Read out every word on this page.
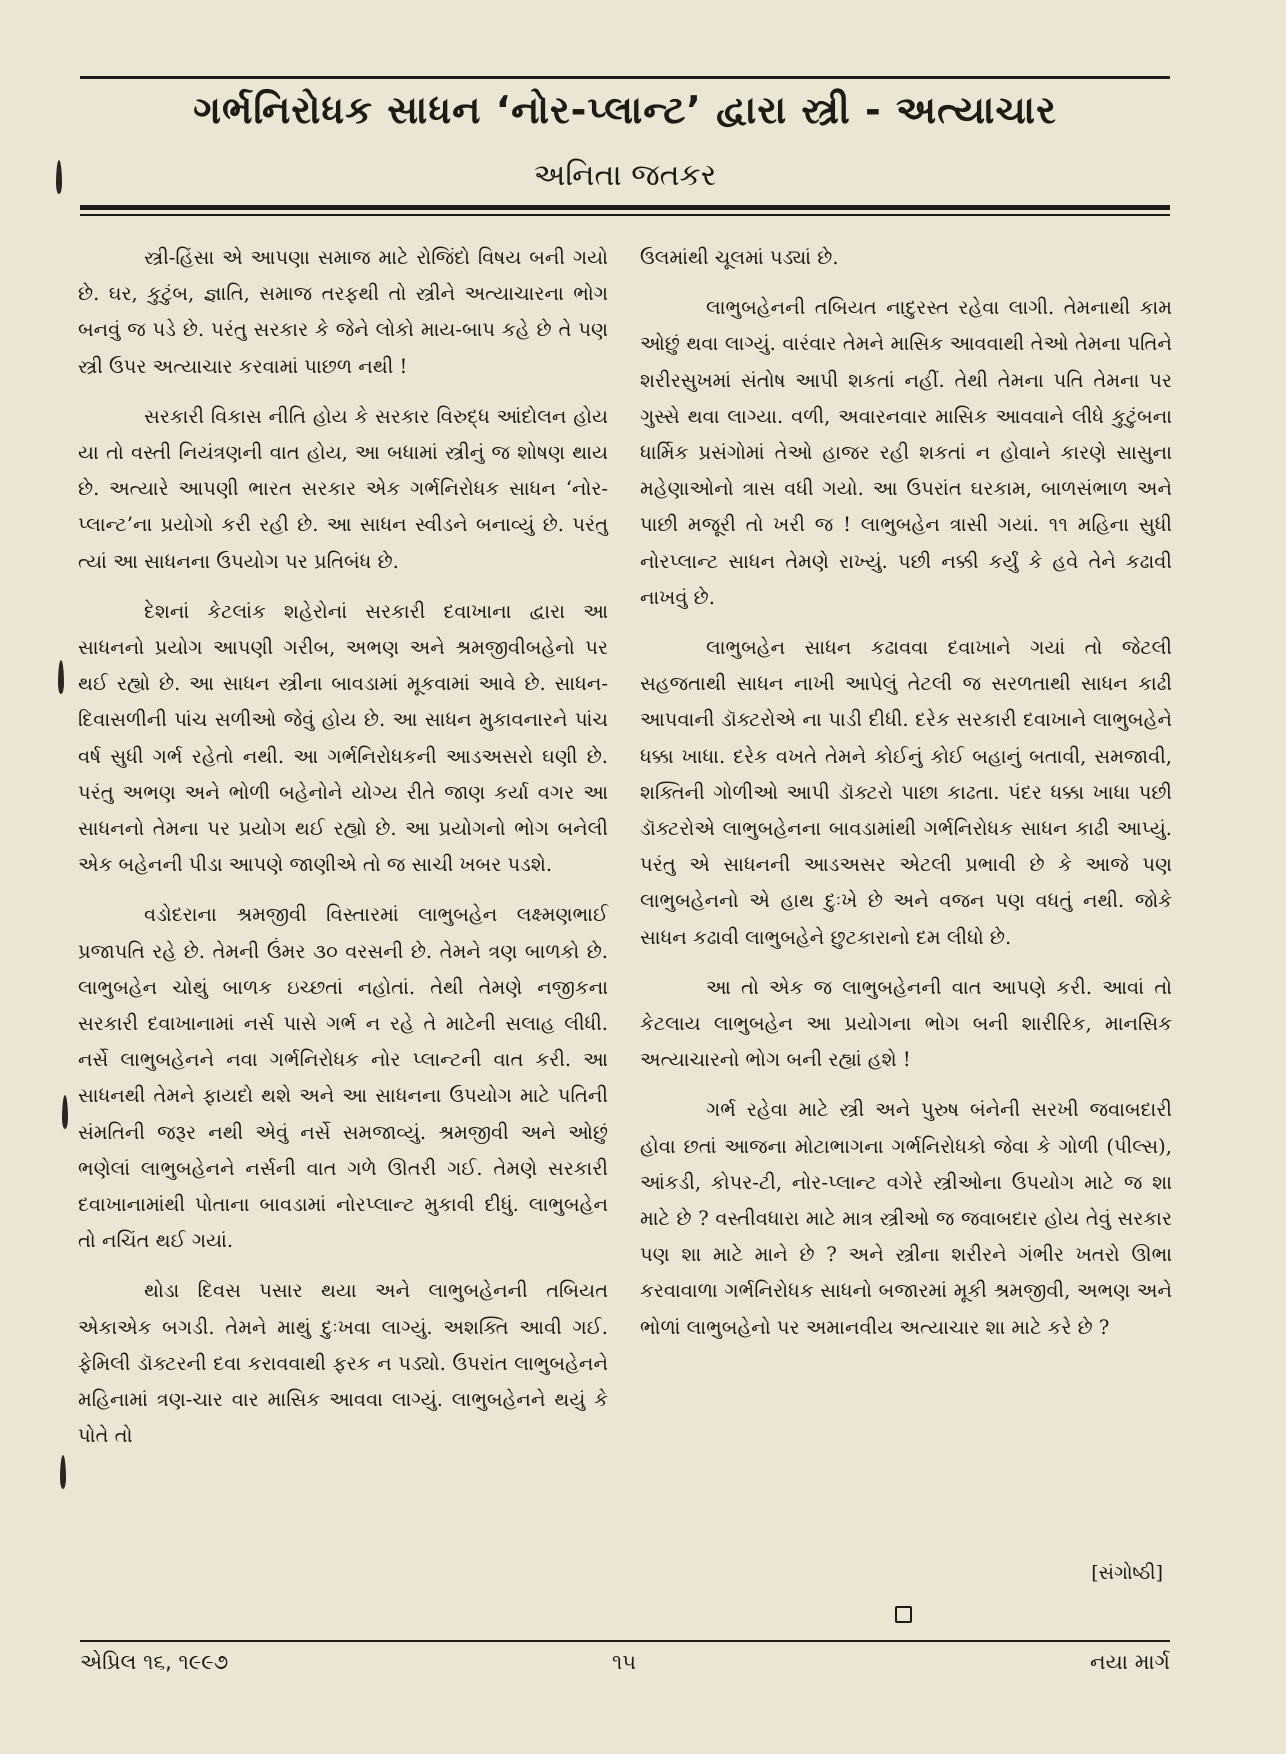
ગર્ભનિરોધક સાધન ‘નોર-પ્લાન્ટ’ દ્વારા સ્ત્રી - અત્યાચાર
અનિતા જતકર

સ્ત્રી-હિંસા એ આપણા સમાજ માટે રોજિંદો વિષય બની ગયો છે. ઘર, કુટુંબ, જ્ઞાતિ, સમાજ તરફથી તો સ્ત્રીને અત્યાચારના ભોગ બનવું જ પડે છે. પરંતુ સરકાર કે જેને લોકો માય-બાપ કહે છે તે પણ સ્ત્રી ઉપર અત્યાચાર કરવામાં પાછળ નથી !

સરકારી વિકાસ નીતિ હોય કે સરકાર વિરુદ્ધ આંદોલન હોય યા તો વસ્તી નિયંત્રણની વાત હોય, આ બધામાં સ્ત્રીનું જ શોષણ થાય છે. અત્યારે આપણી ભારત સરકાર એક ગર્ભનિરોધક સાધન ‘નોર-પ્લાન્ટ’ના પ્રયોગો કરી રહી છે. આ સાધન સ્વીડને બનાવ્યું છે. પરંતુ ત્યાં આ સાધનના ઉપયોગ પર પ્રતિબંધ છે.

દેશનાં કેટલાંક શહેરોનાં સરકારી દવાખાના દ્વારા આ સાધનનો પ્રયોગ આપણી ગરીબ, અભણ અને શ્રમજીવીબહેનો પર થઈ રહ્યો છે. આ સાધન સ્ત્રીના બાવડામાં મૂકવામાં આવે છે. સાધન-દિવાસળીની પાંચ સળીઓ જેવું હોય છે. આ સાધન મુકાવનારને પાંચ વર્ષ સુધી ગર્ભ રહેતો નથી. આ ગર્ભનિરોધકની આડઅસરો ઘણી છે. પરંતુ અભણ અને ભોળી બહેનોને યોગ્ય રીતે જાણ કર્યા વગર આ સાધનનો તેમના પર પ્રયોગ થઈ રહ્યો છે. આ પ્રયોગનો ભોગ બનેલી એક બહેનની પીડા આપણે જાણીએ તો જ સાચી ખબર પડશે.

વડોદરાના શ્રમજીવી વિસ્તારમાં લાભુબહેન લક્ષ્મણભાઈ પ્રજાપતિ રહે છે. તેમની ઉંમર ૩૦ વરસની છે. તેમને ત્રણ બાળકો છે. લાભુબહેન ચોથું બાળક ઇચ્છતાં નહોતાં. તેથી તેમણે નજીકના સરકારી દવાખાનામાં નર્સ પાસે ગર્ભ ન રહે તે માટેની સલાહ લીધી. નર્સે લાભુબહેનને નવા ગર્ભનિરોધક નોર પ્લાન્ટની વાત કરી. આ સાધનથી તેમને ફાયદો થશે અને આ સાધનના ઉપયોગ માટે પતિની સંમતિની જરૂર નથી એવું નર્સે સમજાવ્યું. શ્રમજીવી અને ઓછું ભણેલાં લાભુબહેનને નર્સની વાત ગળે ઊતરી ગઈ. તેમણે સરકારી દવાખાનામાંથી પોતાના બાવડામાં નોરપ્લાન્ટ મુકાવી દીધું. લાભુબહેન તો નચિંત થઈ ગયાં.

થોડા દિવસ પસાર થયા અને લાભુબહેનની તબિયત એકાએક બગડી. તેમને માથું દુઃખવા લાગ્યું. અશક્તિ આવી ગઈ. ફેમિલી ડૉક્ટરની દવા કરાવવાથી ફરક ન પડ્યો. ઉપરાંત લાભુબહેનને મહિનામાં ત્રણ-ચાર વાર માસિક આવવા લાગ્યું. લાભુબહેનને થયું કે પોતે તો

ઉલમાંથી ચૂલમાં પડ્યાં છે.

લાભુબહેનની તબિયત નાદુરસ્ત રહેવા લાગી. તેમનાથી કામ ઓછું થવા લાગ્યું. વારંવાર તેમને માસિક આવવાથી તેઓ તેમના પતિને શરીરસુખમાં સંતોષ આપી શકતાં નહીં. તેથી તેમના પતિ તેમના પર ગુસ્સે થવા લાગ્યા. વળી, અવારનવાર માસિક આવવાને લીધે કુટુંબના ધાર્મિક પ્રસંગોમાં તેઓ હાજર રહી શકતાં ન હોવાને કારણે સાસુના મહેણાઓનો ત્રાસ વધી ગયો. આ ઉપરાંત ઘરકામ, બાળસંભાળ અને પાછી મજૂરી તો ખરી જ ! લાભુબહેન ત્રાસી ગયાં. ૧૧ મહિના સુધી નોરપ્લાન્ટ સાધન તેમણે રાખ્યું. પછી નક્કી કર્યું કે હવે તેને કઢાવી નાખવું છે.

લાભુબહેન સાધન કઢાવવા દવાખાને ગયાં તો જેટલી સહજતાથી સાધન નાખી આપેલું તેટલી જ સરળતાથી સાધન કાઢી આપવાની ડૉક્ટરોએ ના પાડી દીધી. દરેક સરકારી દવાખાને લાભુબહેને ધક્કા ખાધા. દરેક વખતે તેમને કોઈનું કોઈ બહાનું બતાવી, સમજાવી, શક્તિની ગોળીઓ આપી ડૉક્ટરો પાછા કાઢતા. પંદર ધક્કા ખાધા પછી ડૉક્ટરોએ લાભુબહેનના બાવડામાંથી ગર્ભનિરોધક સાધન કાઢી આપ્યું. પરંતુ એ સાધનની આડઅસર એટલી પ્રભાવી છે કે આજે પણ લાભુબહેનનો એ હાથ દુઃખે છે અને વજન પણ વધતું નથી. જોકે સાધન કઢાવી લાભુબહેને છુટકારાનો દમ લીધો છે.

આ તો એક જ લાભુબહેનની વાત આપણે કરી. આવાં તો કેટલાય લાભુબહેન આ પ્રયોગના ભોગ બની શારીરિક, માનસિક અત્યાચારનો ભોગ બની રહ્યાં હશે !

ગર્ભ રહેવા માટે સ્ત્રી અને પુરુષ બંનેની સરખી જવાબદારી હોવા છતાં આજના મોટાભાગના ગર્ભનિરોધકો જેવા કે ગોળી (પીલ્સ), આંકડી, કોપર-ટી, નોર-પ્લાન્ટ વગેરે સ્ત્રીઓના ઉપયોગ માટે જ શા માટે છે ? વસ્તીવધારા માટે માત્ર સ્ત્રીઓ જ જવાબદાર હોય તેવું સરકાર પણ શા માટે માને છે ? અને સ્ત્રીના શરીરને ગંભીર ખતરો ઊભા કરવાવાળા ગર્ભનિરોધક સાધનો બજારમાં મૂકી શ્રમજીવી, અભણ અને ભોળાં લાભુબહેનો પર અમાનવીય અત્યાચાર શા માટે કરે છે ?

[સંગોષ્ઠી]
એપ્રિલ ૧૬, ૧૯૯૭	૧૫	નયા માર્ગ
